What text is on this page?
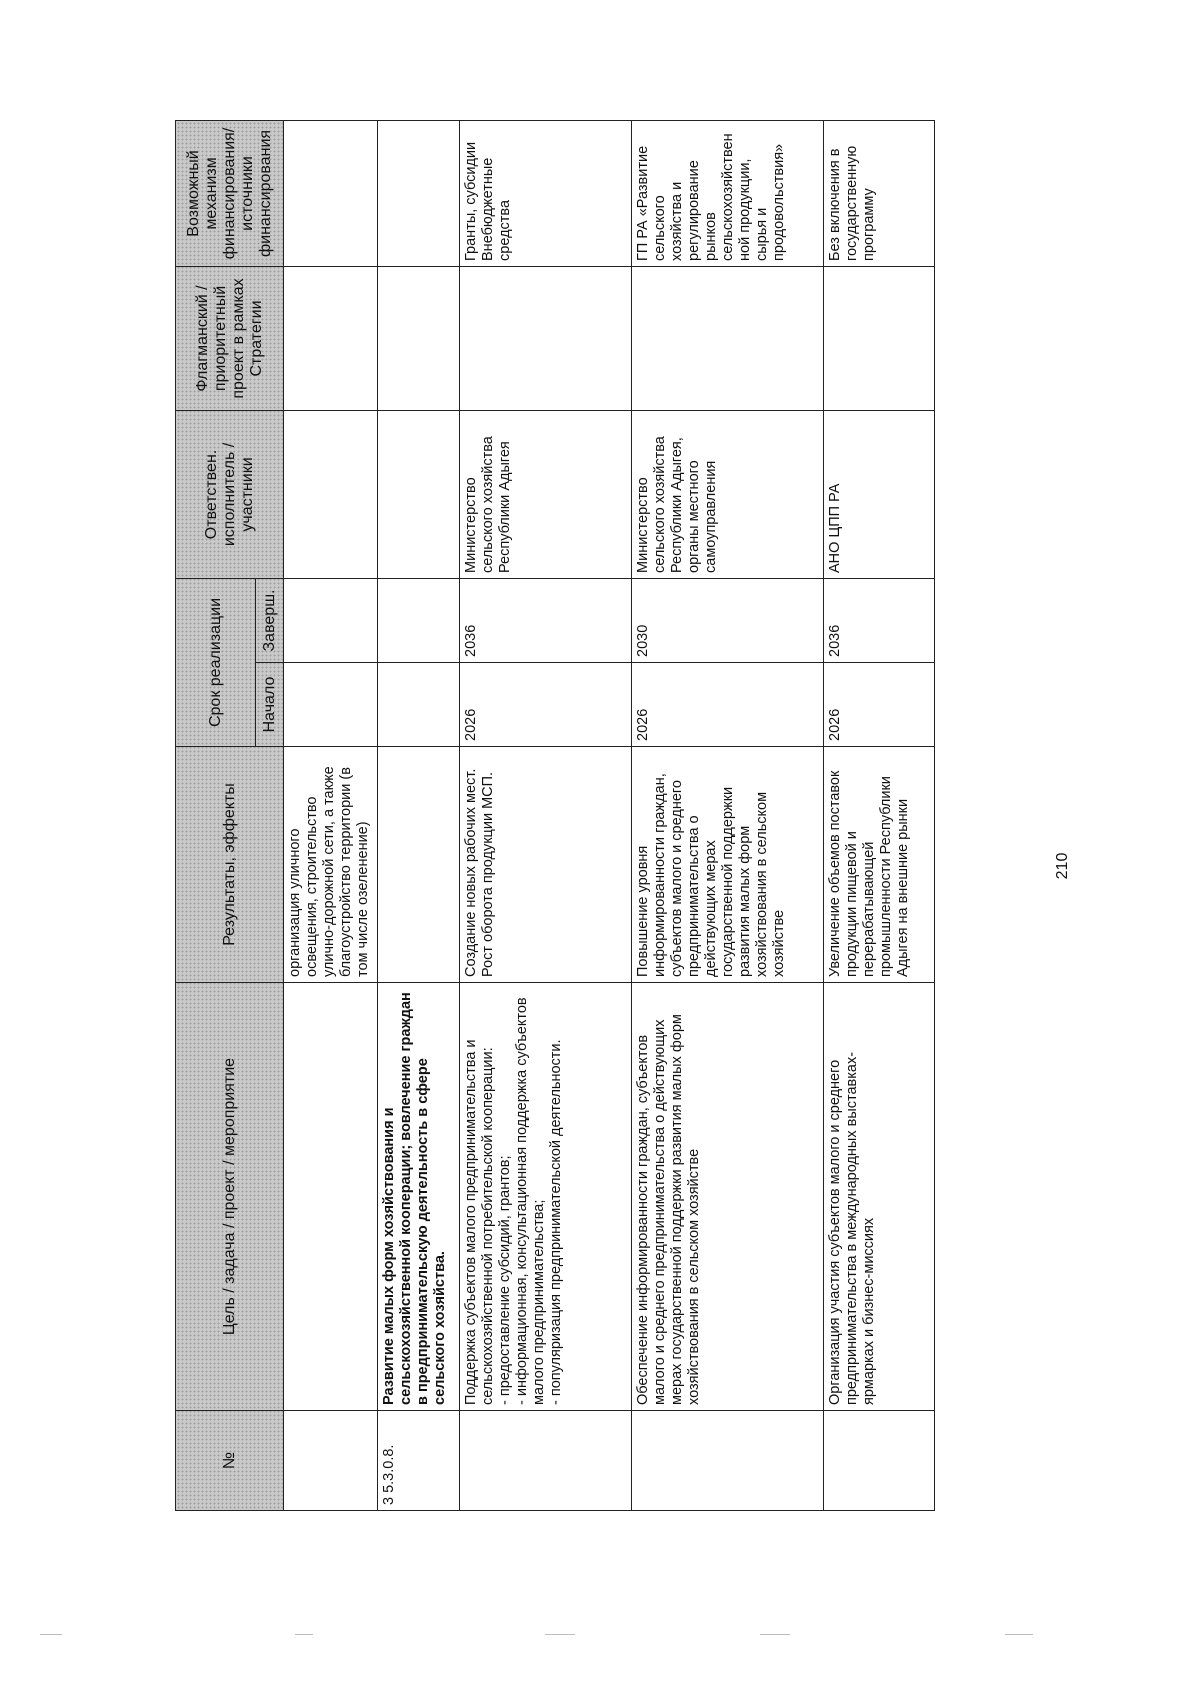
№	Цель / задача / проект / мероприятие	Результаты, эффекты	Срок реализации		Ответствен. исполнитель / участники	Флагманский / приоритетный проект в рамках Стратегии	Возможный механизм финансирования/ источники финансирования
			Начало	Заверш.			
		организация уличного освещения, строительство улично-дорожной сети, а также благоустройство территории (в том числе озеленение)					
3 5.3.0.8.	Развитие малых форм хозяйствования и сельскохозяйственной кооперации; вовлечение граждан в предпринимательскую деятельность в сфере сельского хозяйства.						
	Поддержка субъектов малого предпринимательства и сельскохозяйственной потребительской кооперации:
- предоставление субсидий, грантов;
- информационная, консультационная поддержка субъектов малого предпринимательства;
- популяризация предпринимательской деятельности.	Создание новых рабочих мест. Рост оборота продукции МСП.	2026	2036	Министерство сельского хозяйства Республики Адыгея		Гранты, субсидии Внебюджетные средства
	Обеспечение информированности граждан, субъектов малого и среднего предпринимательства о действующих мерах государственной поддержки развития малых форм хозяйствования в сельском хозяйстве	Повышение уровня информированности граждан, субъектов малого и среднего предпринимательства о действующих мерах государственной поддержки развития малых форм хозяйствования в сельском хозяйстве	2026	2030	Министерство сельского хозяйства Республики Адыгея, органы местного самоуправления		ГП РА «Развитие сельского хозяйства и регулирование рынков сельскохозяйствен ной продукции, сырья и продовольствия»
	Организация участия субъектов малого и среднего предпринимательства в международных выставках-ярмарках и бизнес-миссиях	Увеличение объемов поставок продукции пищевой и перерабатывающей промышленности Республики Адыгея на внешние рынки	2026	2036	АНО ЦПП РА		Без включения в государственную программу
210
